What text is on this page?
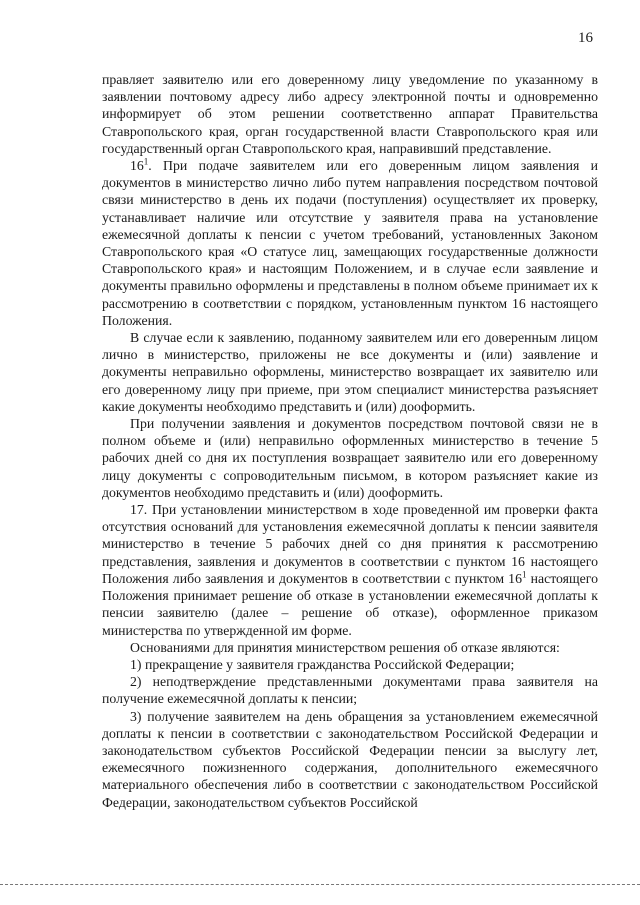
16

правляет заявителю или его доверенному лицу уведомление по указанному в заявлении почтовому адресу либо адресу электронной почты и одновременно информирует об этом решении соответственно аппарат Правительства Ставропольского края, орган государственной власти Ставропольского края или государственный орган Ставропольского края, направивший представление.

$16^1$. При подаче заявителем или его доверенным лицом заявления и документов в министерство лично либо путем направления посредством почтовой связи министерство в день их подачи (поступления) осуществляет их проверку, устанавливает наличие или отсутствие у заявителя права на установление ежемесячной доплаты к пенсии с учетом требований, установленных Законом Ставропольского края «О статусе лиц, замещающих государственные должности Ставропольского края» и настоящим Положением, и в случае если заявление и документы правильно оформлены и представлены в полном объеме принимает их к рассмотрению в соответствии с порядком, установленным пунктом 16 настоящего Положения.

В случае если к заявлению, поданному заявителем или его доверенным лицом лично в министерство, приложены не все документы и (или) заявление и документы неправильно оформлены, министерство возвращает их заявителю или его доверенному лицу при приеме, при этом специалист министерства разъясняет какие документы необходимо представить и (или) дооформить.

При получении заявления и документов посредством почтовой связи не в полном объеме и (или) неправильно оформленных министерство в течение 5 рабочих дней со дня их поступления возвращает заявителю или его доверенному лицу документы с сопроводительным письмом, в котором разъясняет какие из документов необходимо представить и (или) дооформить.

17. При установлении министерством в ходе проведенной им проверки факта отсутствия оснований для установления ежемесячной доплаты к пенсии заявителя министерство в течение 5 рабочих дней со дня принятия к рассмотрению представления, заявления и документов в соответствии с пунктом 16 настоящего Положения либо заявления и документов в соответствии с пунктом $16^1$ настоящего Положения принимает решение об отказе в установлении ежемесячной доплаты к пенсии заявителю (далее – решение об отказе), оформленное приказом министерства по утвержденной им форме.

Основаниями для принятия министерством решения об отказе являются:

1) прекращение у заявителя гражданства Российской Федерации;

2) неподтверждение представленными документами права заявителя на получение ежемесячной доплаты к пенсии;

3) получение заявителем на день обращения за установлением ежемесячной доплаты к пенсии в соответствии с законодательством Российской Федерации и законодательством субъектов Российской Федерации пенсии за выслугу лет, ежемесячного пожизненного содержания, дополнительного ежемесячного материального обеспечения либо в соответствии с законодательством Российской Федерации, законодательством субъектов Российской
